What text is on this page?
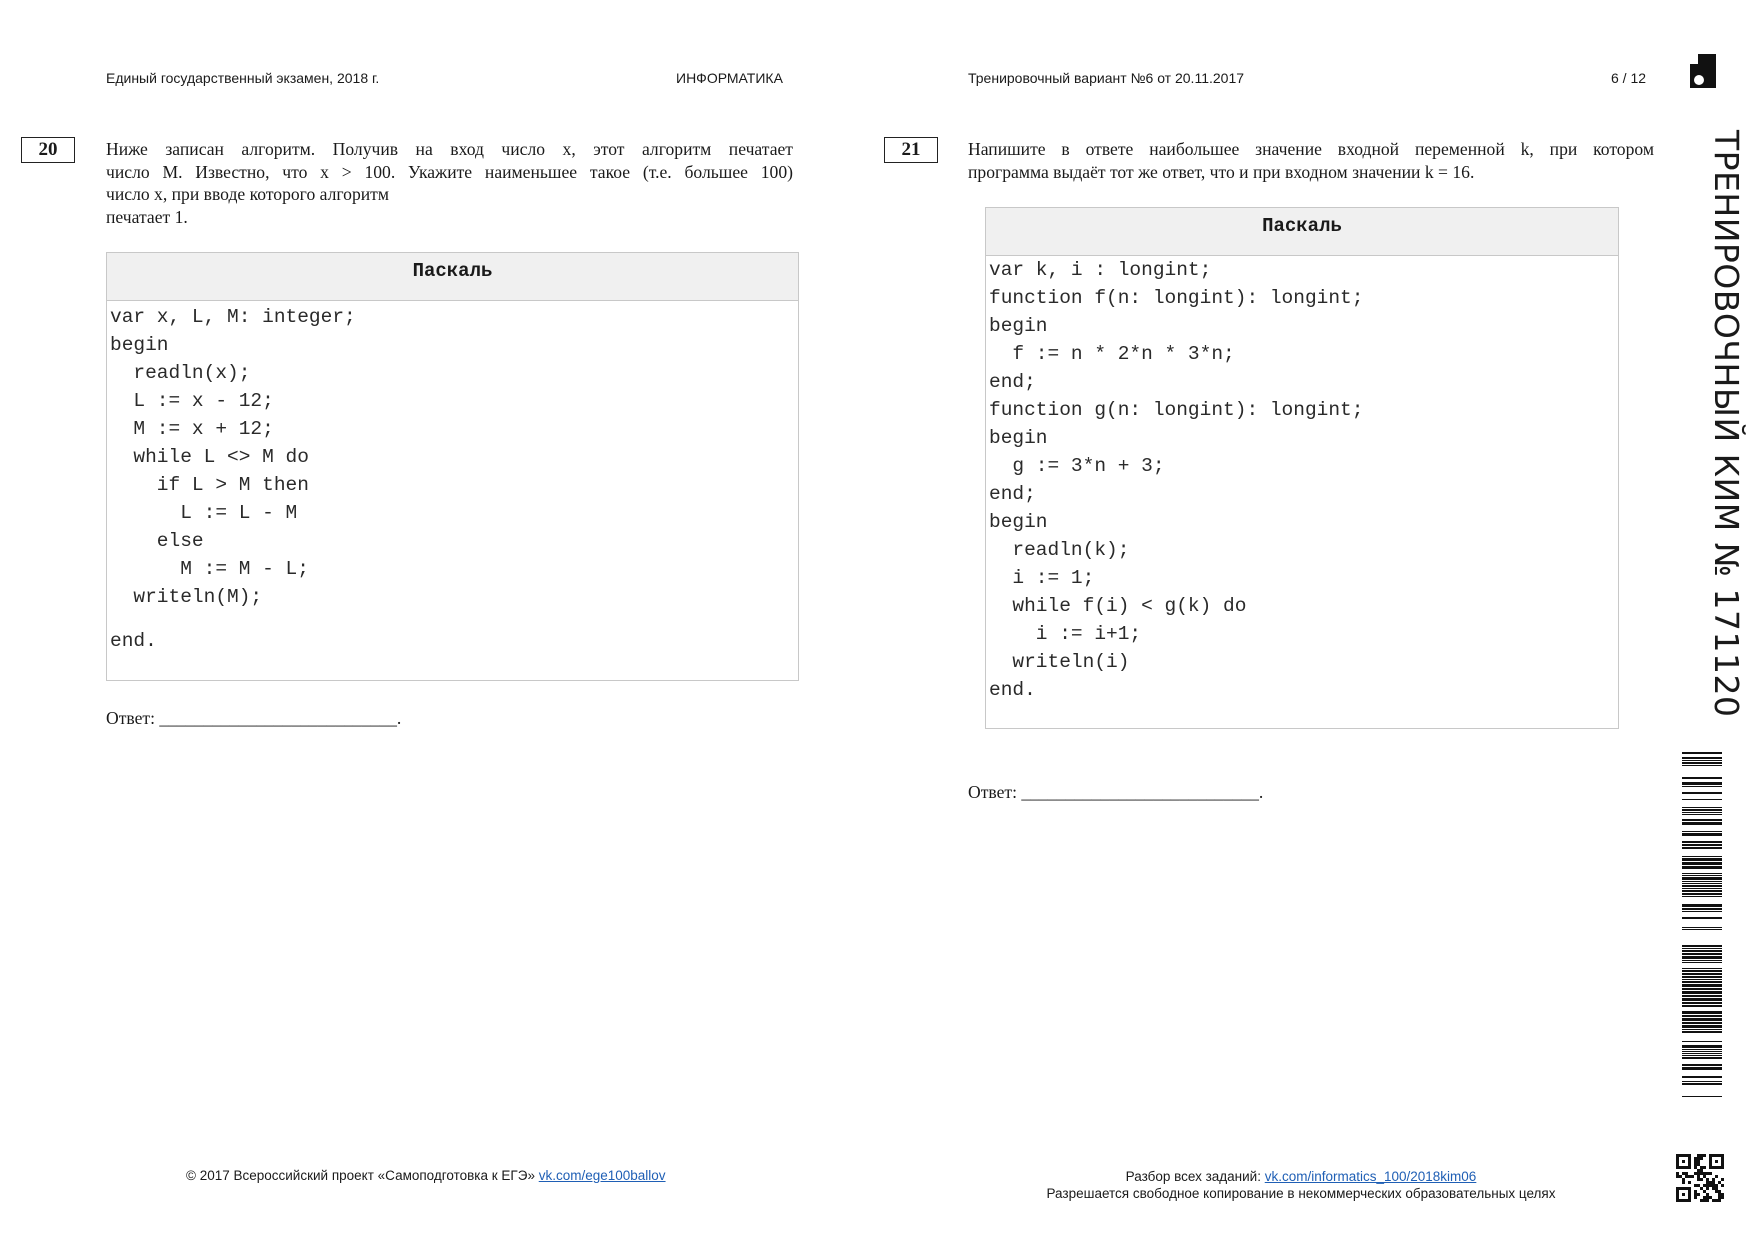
Единый государственный экзамен, 2018 г.	ИНФОРМАТИКА	Тренировочный вариант №6 от 20.11.2017	6 / 12
ТРЕНИРОВОЧНЫЙ КИМ № 171120
20	Ниже записан алгоритм. Получив на вход число x, этот алгоритм печатает
число M. Известно, что x > 100. Укажите наименьшее такое (т.е. большее 100)
число x, при вводе которого алгоритм
печатает 1.
Паскаль
var x, L, M: integer;
begin
readln(x);
L := x - 12;
M := x + 12;
while L <> M do
if L > M then
L := L - M
else
M := M - L;
writeln(M);
end.
Ответ: ___________________________.
21	Напишите в ответе наибольшее значение входной переменной k, при котором
программа выдаёт тот же ответ, что и при входном значении k = 16.
Паскаль
var k, i : longint;
function f(n: longint): longint;
begin
f := n * 2*n * 3*n;
end;
function g(n: longint): longint;
begin
g := 3*n + 3;
end;
begin
readln(k);
i := 1;
while f(i) < g(k) do
i := i+1;
writeln(i)
end.
Ответ: ___________________________.
© 2017 Всероссийский проект «Самоподготовка к ЕГЭ» vk.com/ege100ballov	Разбор всех заданий: vk.com/informatics_100/2018kim06
Разрешается свободное копирование в некоммерческих образовательных целях
